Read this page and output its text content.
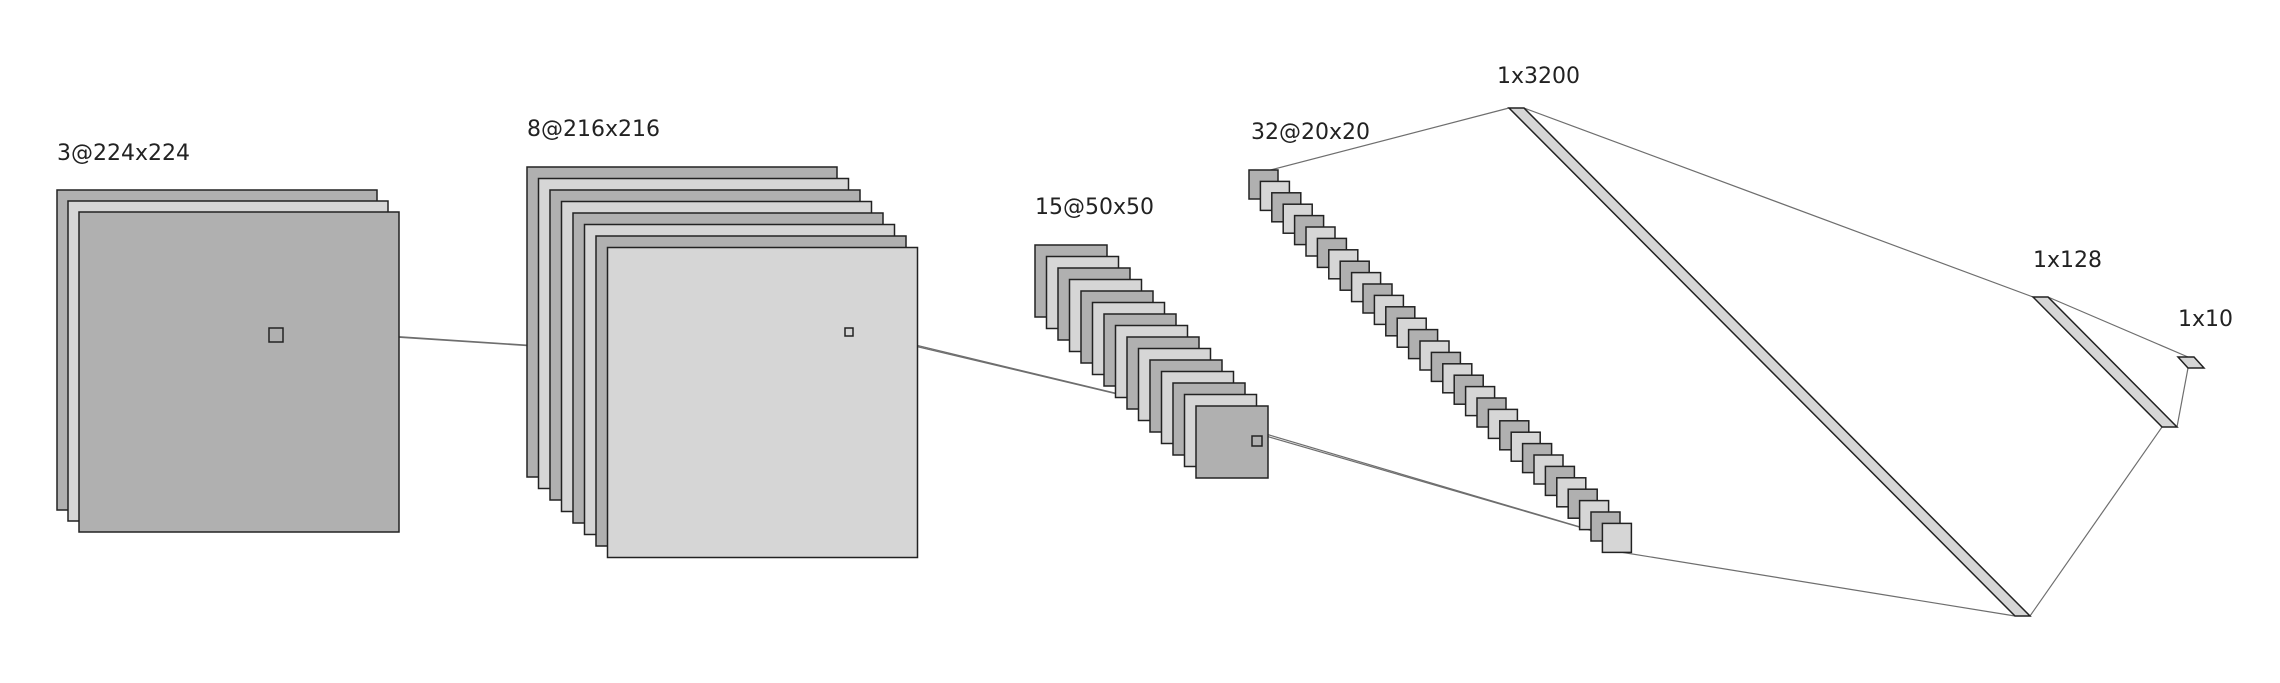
3@224x224
8@216x216
15@50x50
32@20x20
1x3200
1x128
1x10
